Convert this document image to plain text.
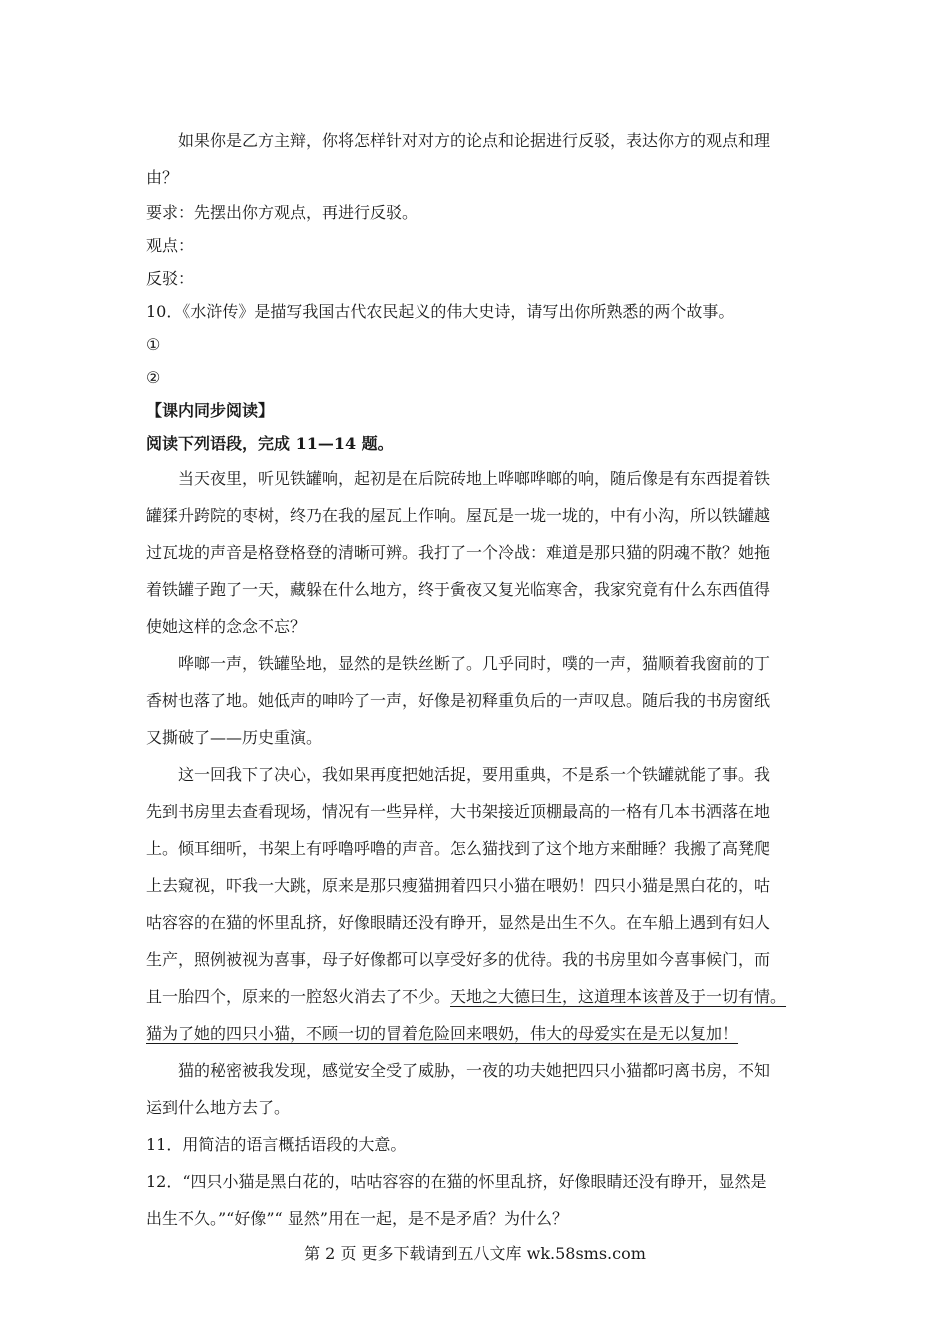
如果你是乙方主辩，你将怎样针对对方的论点和论据进行反驳，表达你方的观点和理

由？

要求：先摆出你方观点，再进行反驳。

观点：

反驳：

10．《水浒传》是描写我国古代农民起义的伟大史诗，请写出你所熟悉的两个故事。

①

②

【课内同步阅读】

阅读下列语段，完成 11—14 题。

当天夜里，听见铁罐响，起初是在后院砖地上哗啷哗啷的响，随后像是有东西提着铁

罐猱升跨院的枣树，终乃在我的屋瓦上作响。屋瓦是一垅一垅的，中有小沟，所以铁罐越

过瓦垅的声音是格登格登的清晰可辨。我打了一个冷战：难道是那只猫的阴魂不散？她拖

着铁罐子跑了一天，藏躲在什么地方，终于夤夜又复光临寒舍，我家究竟有什么东西值得

使她这样的念念不忘？

哗啷一声，铁罐坠地，显然的是铁丝断了。几乎同时，噗的一声，猫顺着我窗前的丁

香树也落了地。她低声的呻吟了一声，好像是初释重负后的一声叹息。随后我的书房窗纸

又撕破了——历史重演。

这一回我下了决心，我如果再度把她活捉，要用重典，不是系一个铁罐就能了事。我

先到书房里去查看现场，情况有一些异样，大书架接近顶棚最高的一格有几本书洒落在地

上。倾耳细听，书架上有呼噜呼噜的声音。怎么猫找到了这个地方来酣睡？我搬了高凳爬

上去窥视，吓我一大跳，原来是那只瘦猫拥着四只小猫在喂奶！四只小猫是黑白花的，咕

咕容容的在猫的怀里乱挤，好像眼睛还没有睁开，显然是出生不久。在车船上遇到有妇人

生产，照例被视为喜事，母子好像都可以享受好多的优待。我的书房里如今喜事候门，而

且一胎四个，原来的一腔怒火消去了不少。天地之大德曰生，这道理本该普及于一切有情。

猫为了她的四只小猫，不顾一切的冒着危险回来喂奶，伟大的母爱实在是无以复加！

猫的秘密被我发现，感觉安全受了威胁，一夜的功夫她把四只小猫都叼离书房，不知

运到什么地方去了。

11．用简洁的语言概括语段的大意。

12．“四只小猫是黑白花的，咕咕容容的在猫的怀里乱挤，好像眼睛还没有睁开，显然是

出生不久。”“好像”“ 显然”用在一起，是不是矛盾？为什么？

第 2 页 更多下载请到五八文库 wk.58sms.com
